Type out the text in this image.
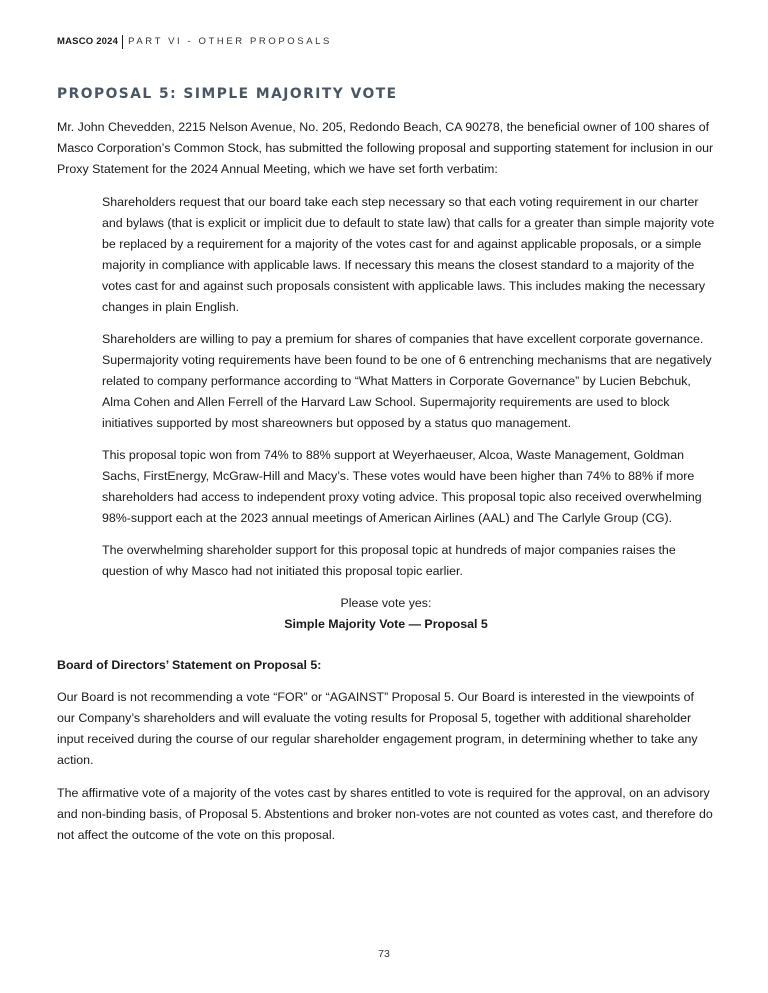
MASCO 2024 PART VI - OTHER PROPOSALS
PROPOSAL 5: SIMPLE MAJORITY VOTE

Mr. John Chevedden, 2215 Nelson Avenue, No. 205, Redondo Beach, CA 90278, the beneficial owner of 100 shares of Masco Corporation’s Common Stock, has submitted the following proposal and supporting statement for inclusion in our Proxy Statement for the 2024 Annual Meeting, which we have set forth verbatim:

Shareholders request that our board take each step necessary so that each voting requirement in our charter and bylaws (that is explicit or implicit due to default to state law) that calls for a greater than simple majority vote be replaced by a requirement for a majority of the votes cast for and against applicable proposals, or a simple majority in compliance with applicable laws. If necessary this means the closest standard to a majority of the votes cast for and against such proposals consistent with applicable laws. This includes making the necessary changes in plain English.

Shareholders are willing to pay a premium for shares of companies that have excellent corporate governance. Supermajority voting requirements have been found to be one of 6 entrenching mechanisms that are negatively related to company performance according to “What Matters in Corporate Governance” by Lucien Bebchuk, Alma Cohen and Allen Ferrell of the Harvard Law School. Supermajority requirements are used to block initiatives supported by most shareowners but opposed by a status quo management.

This proposal topic won from 74% to 88% support at Weyerhaeuser, Alcoa, Waste Management, Goldman Sachs, FirstEnergy, McGraw-Hill and Macy’s. These votes would have been higher than 74% to 88% if more shareholders had access to independent proxy voting advice. This proposal topic also received overwhelming 98%-support each at the 2023 annual meetings of American Airlines (AAL) and The Carlyle Group (CG).

The overwhelming shareholder support for this proposal topic at hundreds of major companies raises the question of why Masco had not initiated this proposal topic earlier.

Please vote yes:

Simple Majority Vote — Proposal 5

Board of Directors’ Statement on Proposal 5:

Our Board is not recommending a vote “FOR” or “AGAINST” Proposal 5. Our Board is interested in the viewpoints of our Company’s shareholders and will evaluate the voting results for Proposal 5, together with additional shareholder input received during the course of our regular shareholder engagement program, in determining whether to take any action.

The affirmative vote of a majority of the votes cast by shares entitled to vote is required for the approval, on an advisory and non-binding basis, of Proposal 5. Abstentions and broker non-votes are not counted as votes cast, and therefore do not affect the outcome of the vote on this proposal.

73
